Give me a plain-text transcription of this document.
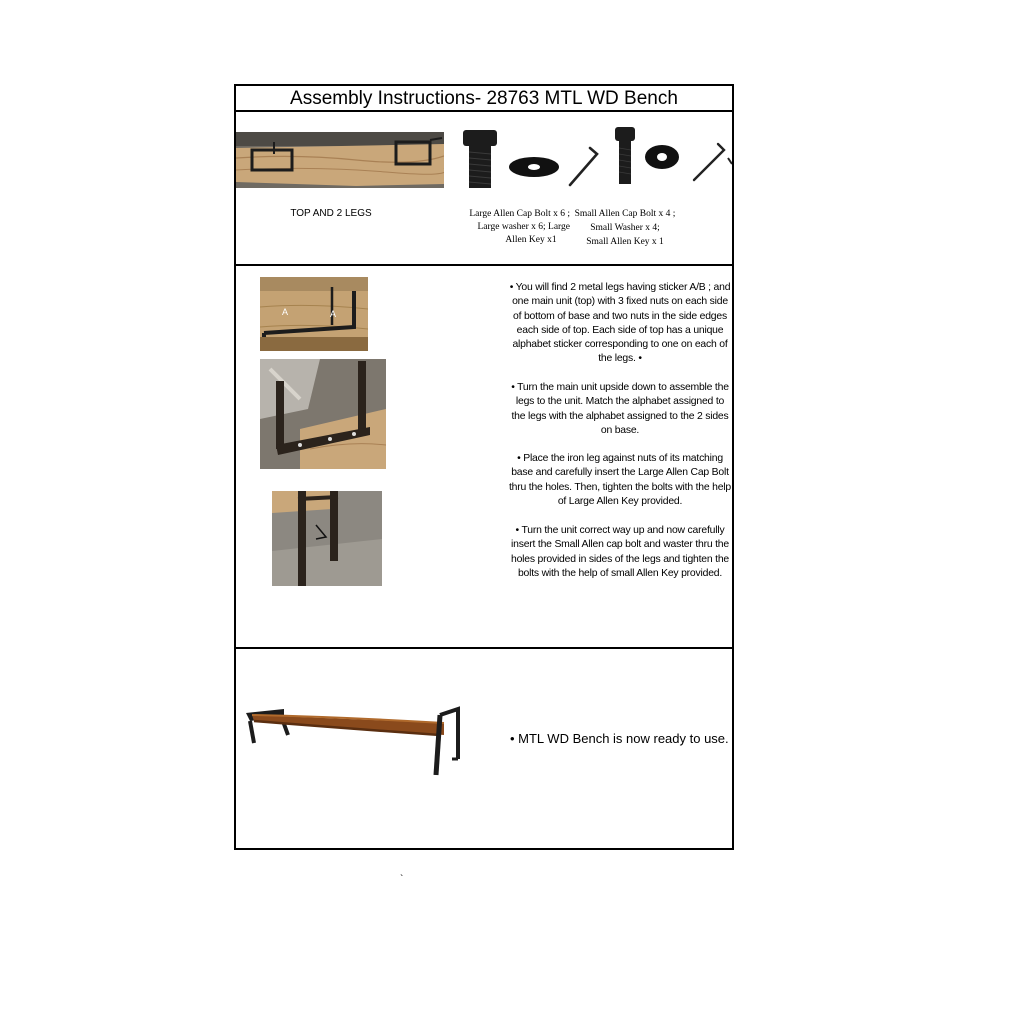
Assembly Instructions- 28763 MTL WD Bench
TOP AND 2 LEGS	Large Allen Cap Bolt x 6 ;
Large washer x 6; Large
Allen Key x1
Small Allen Cap Bolt x 4 ;
Small Washer x 4;
Small Allen Key x 1
A	A
• You will find 2 metal legs having sticker A/B ; and one main unit (top) with 3 fixed nuts on each side of bottom of base and two nuts in the side edges each side of top. Each side of top has a unique alphabet sticker corresponding to one on each of the legs. •
• Turn the main unit upside down to assemble the legs to the unit. Match the alphabet assigned to the legs with the alphabet assigned to the 2 sides on base.
• Place the iron leg against nuts of its matching base and carefully insert the Large Allen Cap Bolt thru the holes. Then, tighten the bolts with the help of Large Allen Key provided.
• Turn the unit correct way up and now carefully insert the Small Allen cap bolt and waster thru the holes provided in sides of the legs and tighten the bolts with the help of small Allen Key provided.
• MTL WD Bench is now ready to use.
`
